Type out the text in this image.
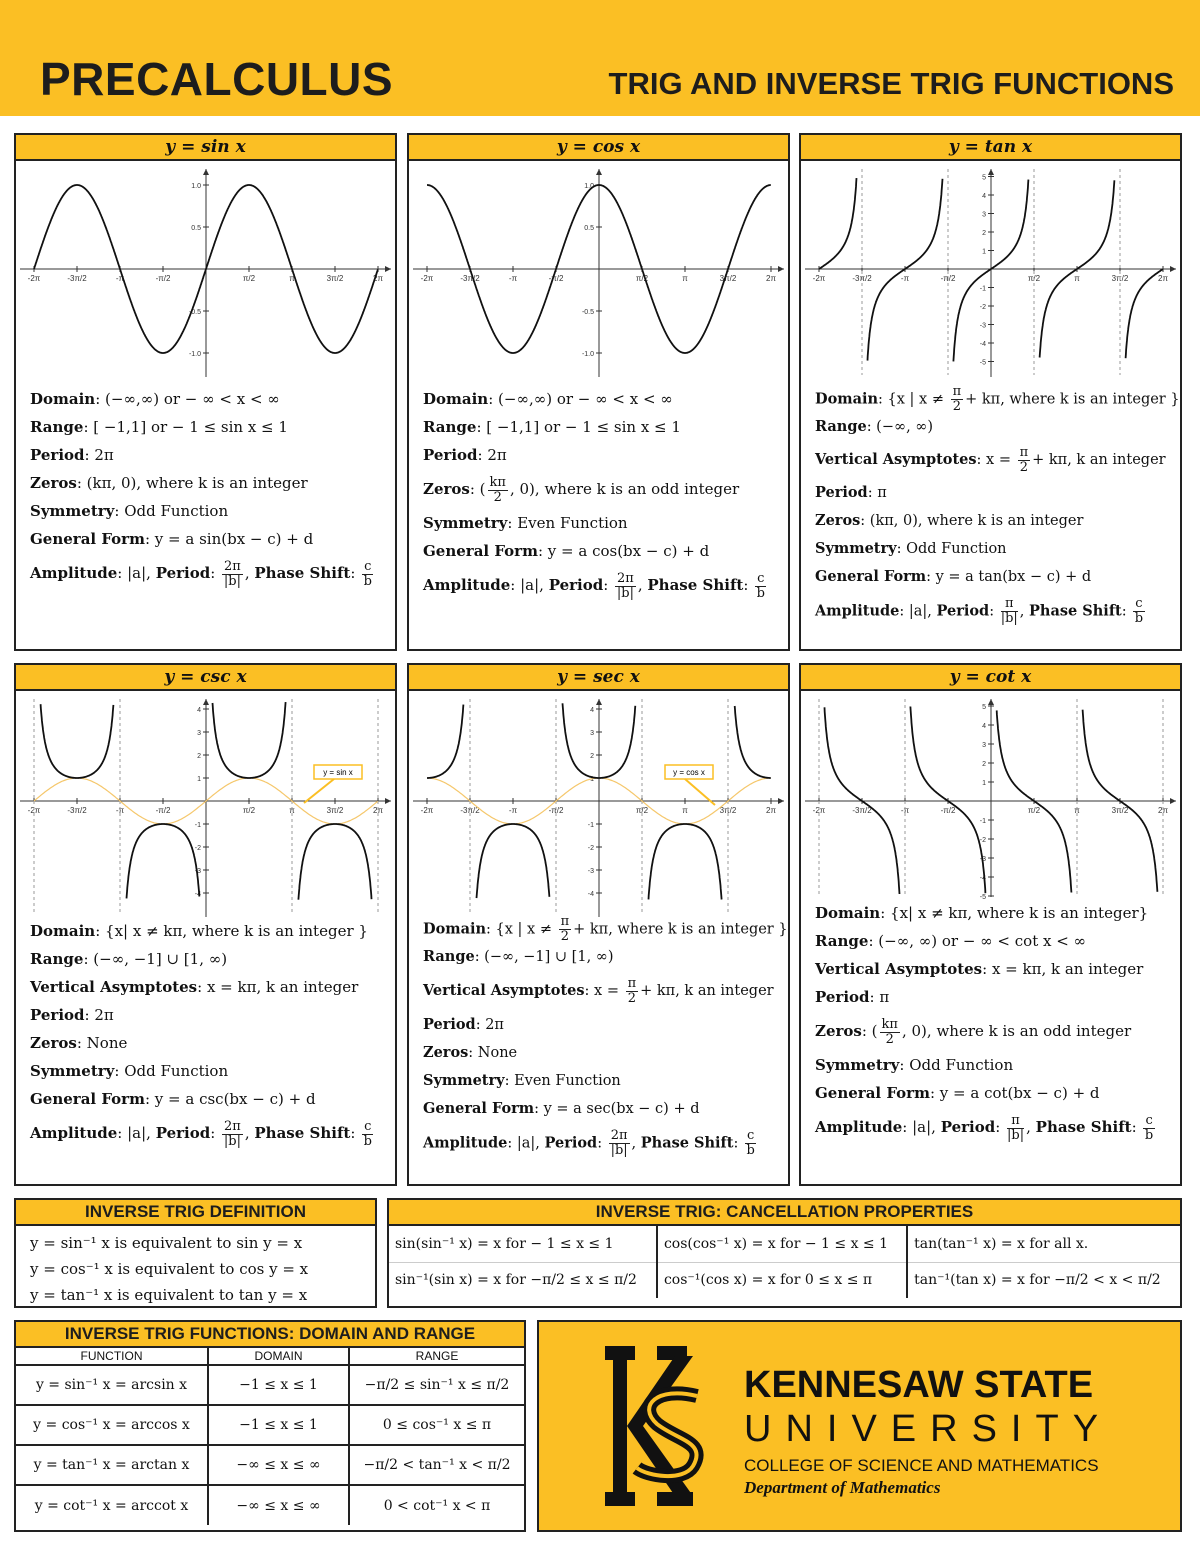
PRECALCULUS	TRIG AND INVERSE TRIG FUNCTIONS
y = sin x
-2π	-3π/2	-π	-π/2	π/2	π	3π/2	2π
1.0
0.5
-0.5
-1.0
Domain: (−∞,∞) or − ∞ < x < ∞
Range: [ −1,1] or − 1 ≤ sin x ≤ 1
Period: 2π
Zeros: (kπ, 0), where k is an integer
Symmetry: Odd Function
General Form: y = a sin(bx − c) + d
Amplitude: |a|, Period: $\frac{2\pi}{|b|}$ , Phase Shift: $\frac{c}{b}$
y = cos x
-2π	-3π/2	-π	-π/2	π/2	π	3π/2	2π
1.0
0.5
-0.5
-1.0
Domain: (−∞,∞) or − ∞ < x < ∞
Range: [ −1,1] or − 1 ≤ sin x ≤ 1
Period: 2π
Zeros: ( $\frac{k\pi}{2}$ , 0), where k is an odd integer
Symmetry: Even Function
General Form: y = a cos(bx − c) + d
Amplitude: |a|, Period: $\frac{2\pi}{|b|}$ , Phase Shift: $\frac{c}{b}$
y = tan x
-2π	-3π/2	-π	-π/2	π/2	π	3π/2	2π
5
4
3
2
1
-1
-2
-3
-4
-5
Domain: {x | $x \ne \frac{\pi}{2} + k\pi$, where k is an integer }
Range: (−∞, ∞)
Vertical Asymptotes: $x = \frac{\pi}{2} + k\pi$, k an integer
Period: π
Zeros: (kπ, 0), where k is an integer
Symmetry: Odd Function
General Form: y = a tan(bx − c) + d
Amplitude: |a|, Period: $\frac{\pi}{|b|}$ , Phase Shift: $\frac{c}{b}$
y = csc x
-2π	-3π/2	-π	-π/2	π/2	π	3π/2	2π
4
3
2
1
-1
-2
-3
-4
y = sin x
Domain: {x| x ≠ kπ, where k is an integer }
Range: (−∞, −1] ∪ [1, ∞)
Vertical Asymptotes: x = kπ, k an integer
Period: 2π
Zeros: None
Symmetry: Odd Function
General Form: y = a csc(bx − c) + d
Amplitude: |a|, Period: $\frac{2\pi}{|b|}$ , Phase Shift: $\frac{c}{b}$
y = sec x
-2π	-3π/2	-π	-π/2	π/2	π	3π/2	2π
4
3
2
1
-1
-2
-3
-4
y = cos x
Domain: {x | $x \ne \frac{\pi}{2} + k\pi$, where k is an integer }
Range: (−∞, −1] ∪ [1, ∞)
Vertical Asymptotes: $x = \frac{\pi}{2} + k\pi$, k an integer
Period: 2π
Zeros: None
Symmetry: Even Function
General Form: y = a sec(bx − c) + d
Amplitude: |a|, Period: $\frac{2\pi}{|b|}$ , Phase Shift: $\frac{c}{b}$
y = cot x
-2π	-3π/2	-π	-π/2	π/2	π	3π/2	2π
5
4
3
2
1
-1
-2
-3
-4
-5
Domain: {x| x ≠ kπ, where k is an integer}
Range: (−∞, ∞) or − ∞ < cot x < ∞
Vertical Asymptotes: x = kπ, k an integer
Period: π
Zeros: ( $\frac{k\pi}{2}$ , 0), where k is an odd integer
Symmetry: Odd Function
General Form: y = a cot(bx − c) + d
Amplitude: |a|, Period: $\frac{\pi}{|b|}$ , Phase Shift: $\frac{c}{b}$
INVERSE TRIG DEFINITION
y = sin⁻¹ x is equivalent to sin y = x
y = cos⁻¹ x is equivalent to cos y = x
y = tan⁻¹ x is equivalent to tan y = x
INVERSE TRIG: CANCELLATION PROPERTIES
sin(sin⁻¹ x) = x for − 1 ≤ x ≤ 1	cos(cos⁻¹ x) = x for − 1 ≤ x ≤ 1	tan(tan⁻¹ x) = x for all x.
sin⁻¹(sin x) = x for −π/2 ≤ x ≤ π/2	cos⁻¹(cos x) = x for 0 ≤ x ≤ π	tan⁻¹(tan x) = x for −π/2 < x < π/2
INVERSE TRIG FUNCTIONS: DOMAIN AND RANGE
FUNCTION	DOMAIN	RANGE
y = sin⁻¹ x = arcsin x	−1 ≤ x ≤ 1	−π/2 ≤ sin⁻¹ x ≤ π/2
y = cos⁻¹ x = arccos x	−1 ≤ x ≤ 1	0 ≤ cos⁻¹ x ≤ π
y = tan⁻¹ x = arctan x	−∞ ≤ x ≤ ∞	−π/2 < tan⁻¹ x < π/2
y = cot⁻¹ x = arccot x	−∞ ≤ x ≤ ∞	0 < cot⁻¹ x < π
KENNESAW STATE
UNIVERSITY
COLLEGE OF SCIENCE AND MATHEMATICS
Department of Mathematics
